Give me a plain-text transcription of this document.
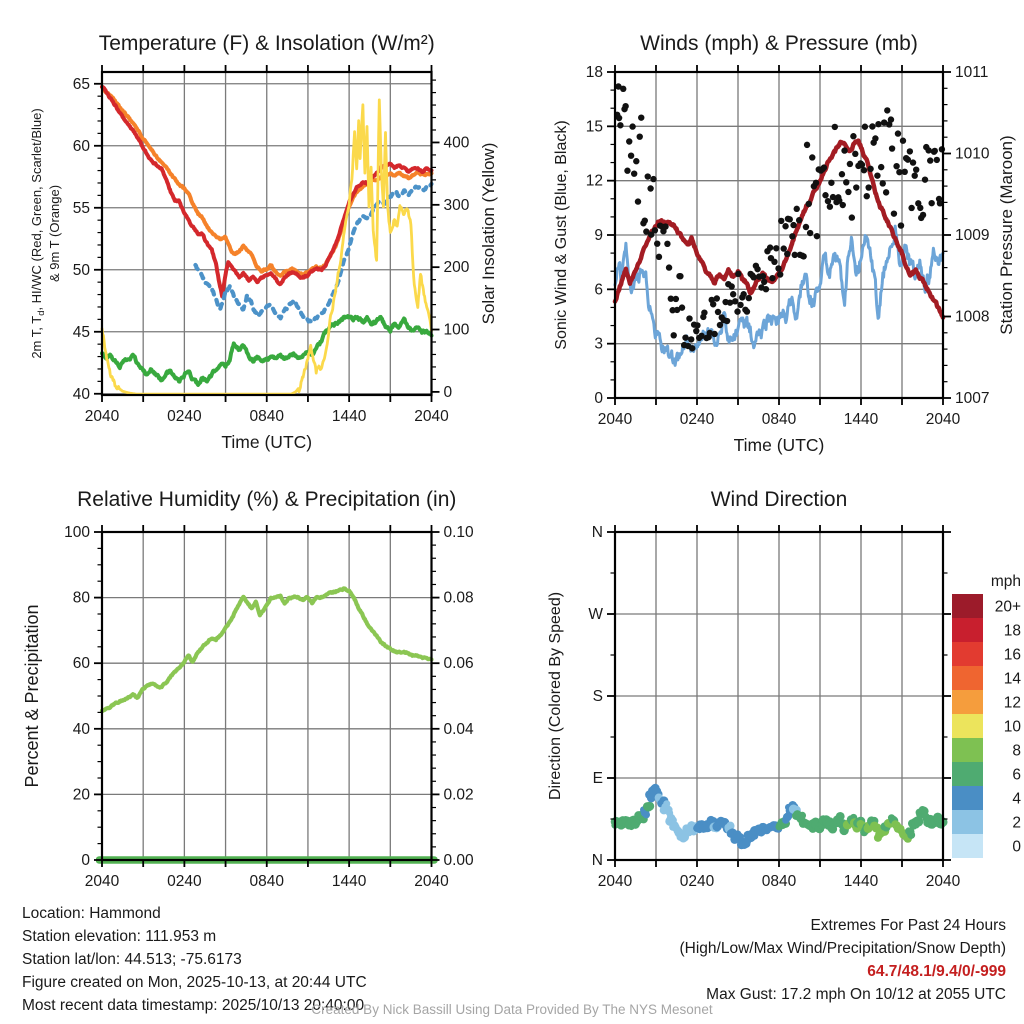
2040	0240	0840	1440	2040
40
45
50
55
60
65
0
100
200
300
400
Temperature (F) & Insolation (W/m²)
Time (UTC)
2m T, $T_d$, HI/WC (Red, Green, Scarlet/Blue) & 9m T (Orange)	Solar Insolation (Yellow)
2040	0240	0840	1440	2040
0
3
6
9
12
15
18
1007
1008
1009
1010
1011
Winds (mph) & Pressure (mb)
Time (UTC)
Sonic Wind & Gust (Blue, Black)	Station Pressure (Maroon)
2040	0240	0840	1440	2040
0
20
40
60
80
100
0.00
0.02
0.04
0.06
0.08
0.10
Relative Humidity (%) & Precipitation (in)
Percent & Precipitation
2040	0240	0840	1440	2040
N
E
S
W
N
Wind Direction
Direction (Colored By Speed)
mph
20+
18
16
14
12
10
8
6
4
2
0
Location: Hammond
Station elevation: 111.953 m
Station lat/lon: 44.513; -75.6173
Figure created on Mon, 2025-10-13, at 20:44 UTC
Most recent data timestamp: 2025/10/13 20:40:00
Extremes For Past 24 Hours
(High/Low/Max Wind/Precipitation/Snow Depth)
64.7/48.1/9.4/0/-999
Max Gust: 17.2 mph On 10/12 at 2055 UTC
Created By Nick Bassill Using Data Provided By The NYS Mesonet
